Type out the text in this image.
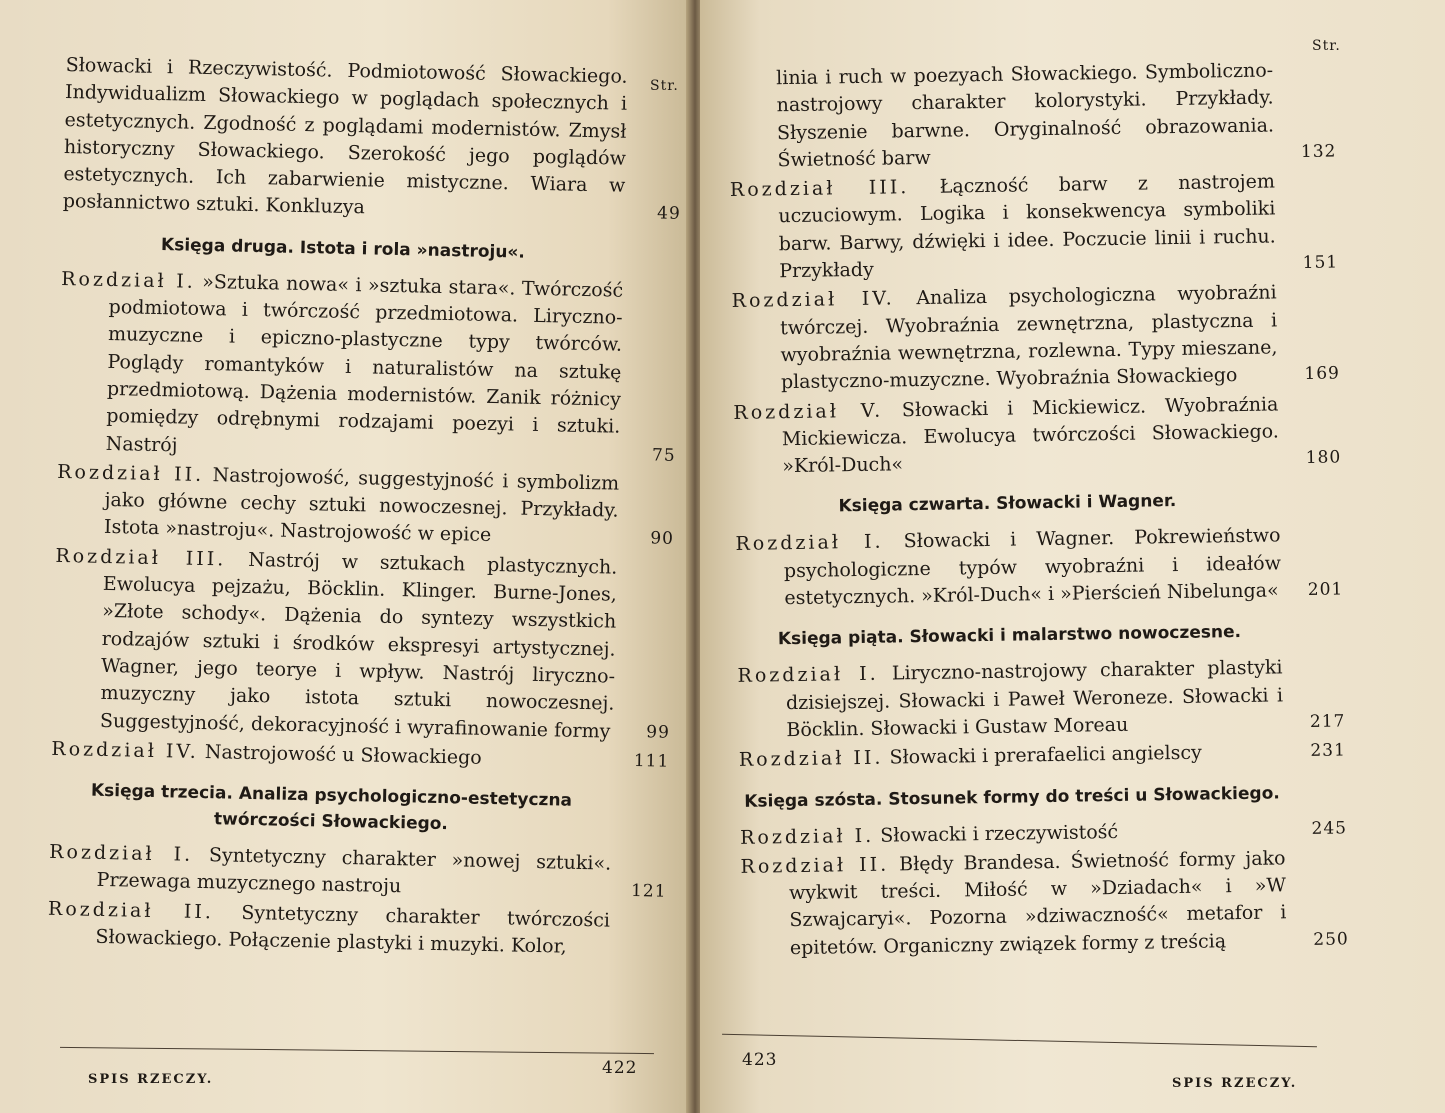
Str.
Słowacki i Rzeczywistość. Podmiotowość Słowackiego. Indywidualizm Słowackiego w poglądach społecznych i estetycznych. Zgodność z poglądami modernistów. Zmysł historyczny Słowackiego. Szerokość jego poglądów estetycznych. Ich zabarwienie mistyczne. Wiara w posłannictwo sztuki. Konkluzya	49
Księga druga. Istota i rola »nastroju«.
Rozdział I. »Sztuka nowa« i »sztuka stara«. Twórczość podmiotowa i twórczość przedmiotowa. Liryczno-muzyczne i epiczno-plastyczne typy twórców. Poglądy romantyków i naturalistów na sztukę przedmiotową. Dążenia modernistów. Zanik różnicy pomiędzy odrębnymi rodzajami poezyi i sztuki. Nastrój	75
Rozdział II. Nastrojowość, suggestyjność i symbolizm jako główne cechy sztuki nowoczesnej. Przykłady. Istota »nastroju«. Nastrojowość w epice	90
Rozdział III. Nastrój w sztukach plastycznych. Ewolucya pejzażu, Böcklin. Klinger. Burne-Jones, »Złote schody«. Dążenia do syntezy wszystkich rodzajów sztuki i środków ekspresyi artystycznej. Wagner, jego teorye i wpływ. Nastrój liryczno-muzyczny jako istota sztuki nowoczesnej. Suggestyjność, dekoracyjność i wyrafinowanie formy	99
Rozdział IV. Nastrojowość u Słowackiego	111
Księga trzecia. Analiza psychologiczno-estetyczna twórczości Słowackiego.
Rozdział I. Syntetyczny charakter »nowej sztuki«. Przewaga muzycznego nastroju	121
Rozdział II. Syntetyczny charakter twórczości Słowackiego. Połączenie plastyki i muzyki. Kolor,
422
SPIS RZECZY.
Str.
linia i ruch w poezyach Słowackiego. Symboliczno-nastrojowy charakter kolorystyki. Przykłady. Słyszenie barwne. Oryginalność obrazowania. Świetność barw	132
Rozdział III. Łączność barw z nastrojem uczuciowym. Logika i konsekwencya symboliki barw. Barwy, dźwięki i idee. Poczucie linii i ruchu. Przykłady	151
Rozdział IV. Analiza psychologiczna wyobraźni twórczej. Wyobraźnia zewnętrzna, plastyczna i wyobraźnia wewnętrzna, rozlewna. Typy mieszane, plastyczno-muzyczne. Wyobraźnia Słowackiego	169
Rozdział V. Słowacki i Mickiewicz. Wyobraźnia Mickiewicza. Ewolucya twórczości Słowackiego. »Król-Duch«	180
Księga czwarta. Słowacki i Wagner.
Rozdział I. Słowacki i Wagner. Pokrewieństwo psychologiczne typów wyobraźni i ideałów estetycznych. »Król-Duch« i »Pierścień Nibelunga« 201
Księga piąta. Słowacki i malarstwo nowoczesne.
Rozdział I. Liryczno-nastrojowy charakter plastyki dzisiejszej. Słowacki i Paweł Weroneze. Słowacki i Böcklin. Słowacki i Gustaw Moreau	217
Rozdział II. Słowacki i prerafaelici angielscy	231
Księga szósta. Stosunek formy do treści u Słowackiego.
Rozdział I. Słowacki i rzeczywistość	245
Rozdział II. Błędy Brandesa. Świetność formy jako wykwit treści. Miłość w »Dziadach« i »W Szwajcaryi«. Pozorna »dziwaczność« metafor i epitetów. Organiczny związek formy z treścią	250
423
SPIS RZECZY.
